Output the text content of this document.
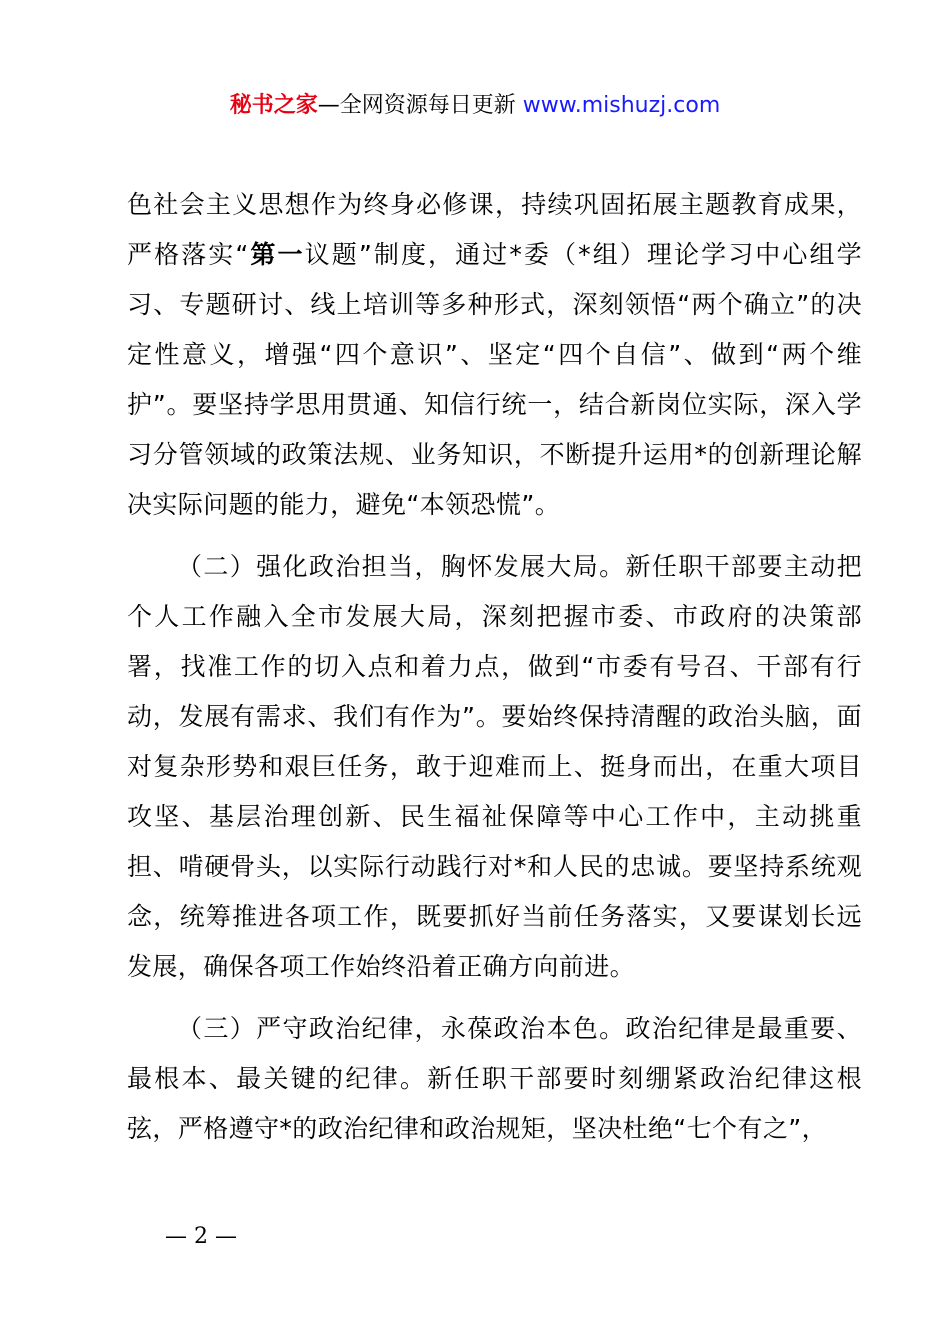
秘书之家—全网资源每日更新 www.mishuzj.com

色社会主义思想作为终身必修课，持续巩固拓展主题教育成果，严格落实“第一议题”制度，通过*委（*组）理论学习中心组学习、专题研讨、线上培训等多种形式，深刻领悟“两个确立”的决定性意义，增强“四个意识”、坚定“四个自信”、做到“两个维护”。要坚持学思用贯通、知信行统一，结合新岗位实际，深入学习分管领域的政策法规、业务知识，不断提升运用*的创新理论解决实际问题的能力，避免“本领恐慌”。

（二）强化政治担当，胸怀发展大局。新任职干部要主动把个人工作融入全市发展大局，深刻把握市委、市政府的决策部署，找准工作的切入点和着力点，做到“市委有号召、干部有行动，发展有需求、我们有作为”。要始终保持清醒的政治头脑，面对复杂形势和艰巨任务，敢于迎难而上、挺身而出，在重大项目攻坚、基层治理创新、民生福祉保障等中心工作中，主动挑重担、啃硬骨头，以实际行动践行对*和人民的忠诚。要坚持系统观念，统筹推进各项工作，既要抓好当前任务落实，又要谋划长远发展，确保各项工作始终沿着正确方向前进。

（三）严守政治纪律，永葆政治本色。政治纪律是最重要、最根本、最关键的纪律。新任职干部要时刻绷紧政治纪律这根弦，严格遵守*的政治纪律和政治规矩，坚决杜绝“七个有之”，

— 2 —
